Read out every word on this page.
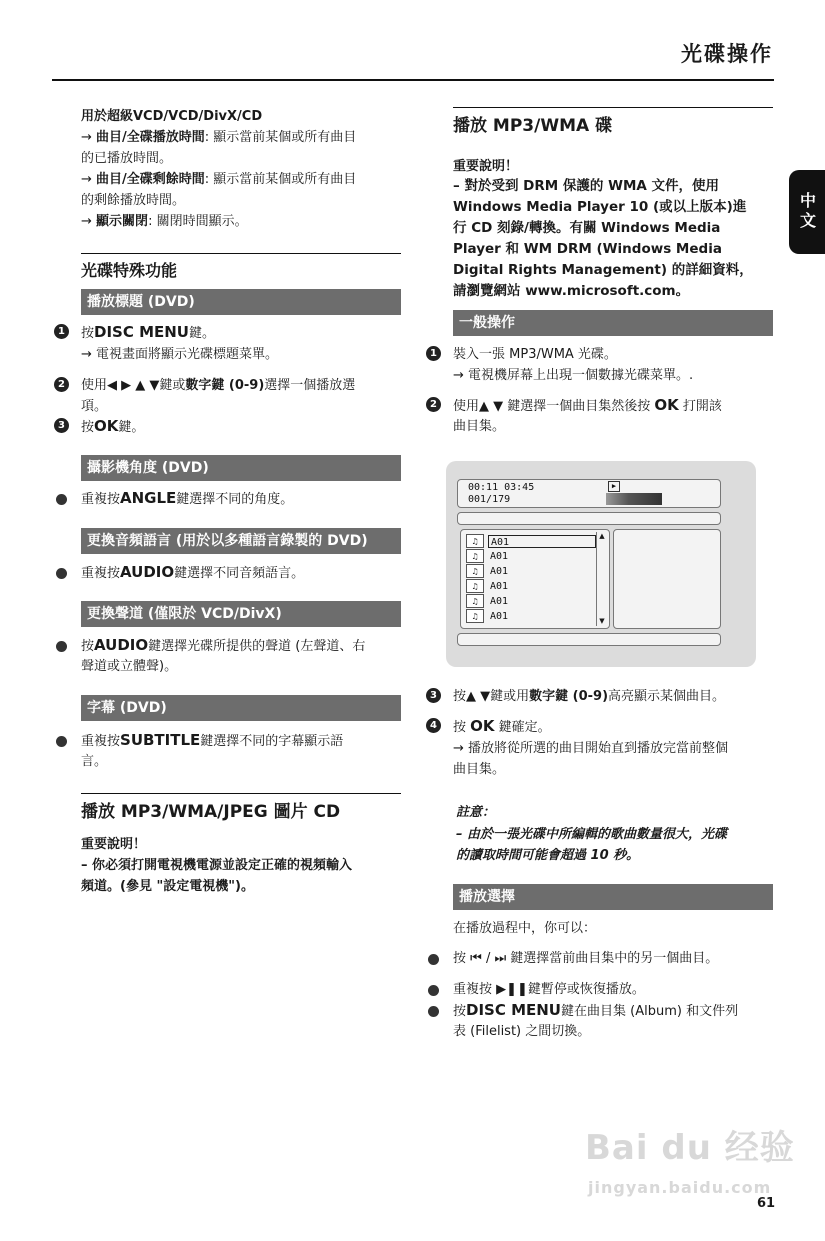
光碟操作
中文
用於超級VCD/VCD/DivX/CD
→ 曲目/全碟播放時間: 顯示當前某個或所有曲目
的已播放時間。
→ 曲目/全碟剩餘時間: 顯示當前某個或所有曲目
的剩餘播放時間。
→ 顯示關閉: 關閉時間顯示。
光碟特殊功能
播放標題 (DVD)
1	按DISC MENU鍵。
→ 電視畫面將顯示光碟標題菜單。
2	使用◀ ▶ ▲ ▼鍵或數字鍵 (0-9)選擇一個播放選
項。
3	按OK鍵。
攝影機角度 (DVD)
重複按ANGLE鍵選擇不同的角度。
更換音頻語言 (用於以多種語言錄製的 DVD)
重複按AUDIO鍵選擇不同音頻語言。
更換聲道 (僅限於 VCD/DivX)
按AUDIO鍵選擇光碟所提供的聲道 (左聲道、右
聲道或立體聲)。
字幕 (DVD)
重複按SUBTITLE鍵選擇不同的字幕顯示語
言。
播放 MP3/WMA/JPEG 圖片 CD
重要說明！
– 你必須打開電視機電源並設定正確的視頻輸入
頻道。(參見 "設定電視機")。
播放 MP3/WMA 碟
重要說明！
– 對於受到 DRM 保護的 WMA 文件，使用
Windows Media Player 10 (或以上版本)進
行 CD 刻錄/轉換。有關 Windows Media
Player 和 WM DRM (Windows Media
Digital Rights Management) 的詳細資料，
請瀏覽網站 www.microsoft.com。
一般操作
1	裝入一張 MP3/WMA 光碟。
→ 電視機屏幕上出現一個數據光碟菜單。.
2	使用▲ ▼ 鍵選擇一個曲目集然後按 OK 打開該
曲目集。
00:11 03:45
001/179
▶
♫	A01
♫	A01
♫	A01
♫	A01
♫	A01
♫	A01
▲
▼
3	按▲ ▼鍵或用數字鍵 (0-9)高亮顯示某個曲目。
4	按 OK 鍵確定。
→ 播放將從所選的曲目開始直到播放完當前整個
曲目集。
註意：
– 由於一張光碟中所編輯的歌曲數量很大，光碟
的讀取時間可能會超過 10 秒。
播放選擇
在播放過程中，你可以：
按 ⏮ / ⏭ 鍵選擇當前曲目集中的另一個曲目。
重複按 ▶❚❚鍵暫停或恢復播放。
按DISC MENU鍵在曲目集 (Album) 和文件列
表 (Filelist) 之間切換。
Bai du 经验
jingyan.baidu.com
61
